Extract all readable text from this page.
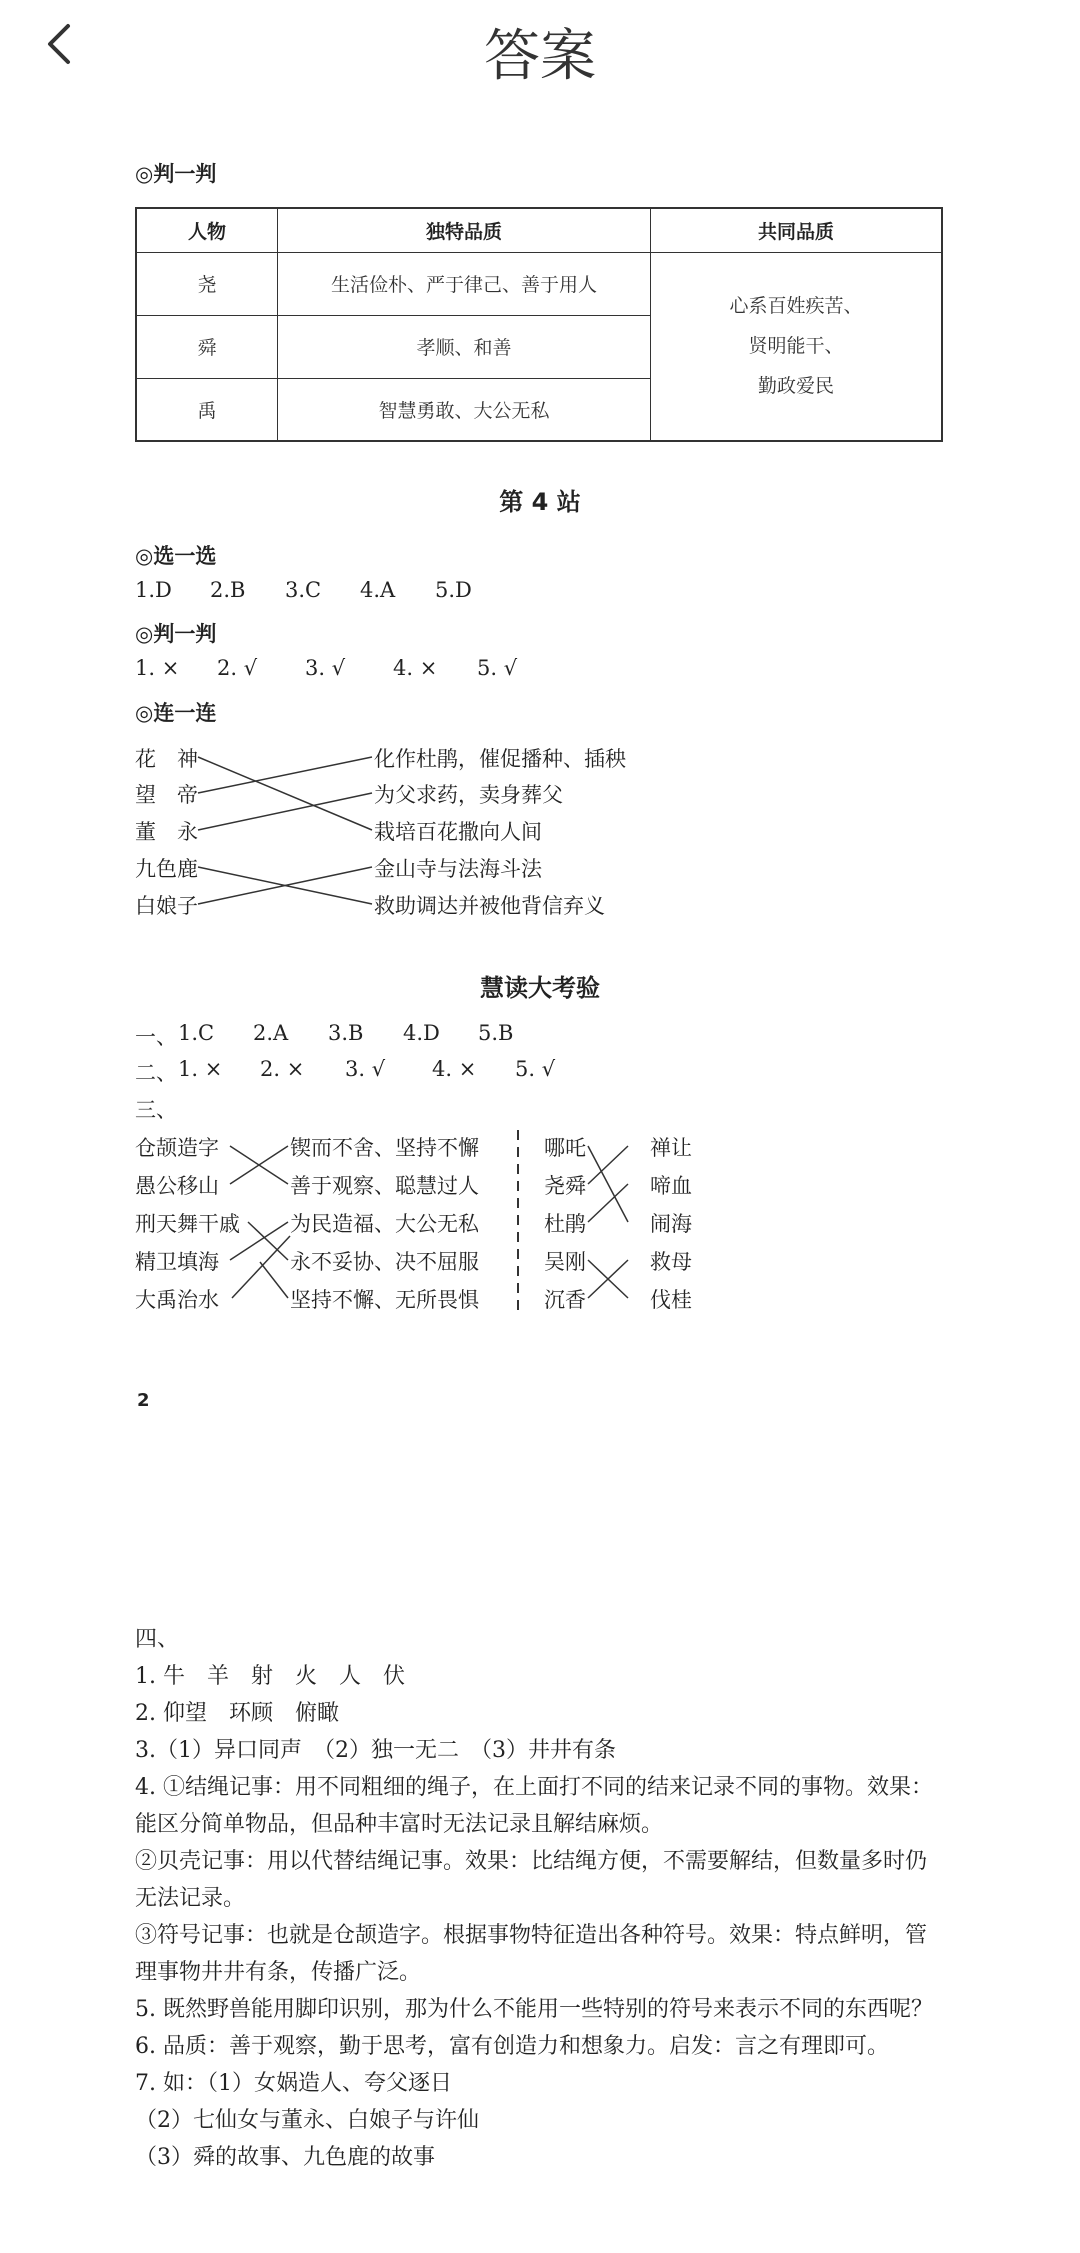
答案
◎判一判
人物	独特品质	共同品质
尧	生活俭朴、严于律己、善于用人	心系百姓疾苦、
贤明能干、
勤政爱民

舜	孝顺、和善	
禹	智慧勇敢、大公无私	
第 4 站
◎选一选
1.D 2.B 3.C 4.A 5.D
◎判一判
1. × 2. √ 3. √ 4. × 5. √
◎连一连
花　神
望　帝
董　永
九色鹿
白娘子
化作杜鹃，催促播种、插秧
为父求药，卖身葬父
栽培百花撒向人间
金山寺与法海斗法
救助调达并被他背信弃义
慧读大考验
一、 1.C 2.A 3.B 4.D 5.B
二、 1. × 2. × 3. √ 4. × 5. √
三、
仓颉造字
愚公移山
刑天舞干戚
精卫填海
大禹治水
锲而不舍、坚持不懈
善于观察、聪慧过人
为民造福、大公无私
永不妥协、决不屈服
坚持不懈、无所畏惧
哪吒
尧舜
杜鹃
吴刚
沉香
禅让
啼血
闹海
救母
伐桂
2
四、
1. 牛　羊　射　火　人　伏
2. 仰望　环顾　俯瞰
3.（1）异口同声　（2）独一无二　（3）井井有条
4. ①结绳记事：用不同粗细的绳子，在上面打不同的结来记录不同的事物。效果：
能区分简单物品，但品种丰富时无法记录且解结麻烦。
②贝壳记事：用以代替结绳记事。效果：比结绳方便，不需要解结，但数量多时仍
无法记录。
③符号记事：也就是仓颉造字。根据事物特征造出各种符号。效果：特点鲜明，管
理事物井井有条，传播广泛。
5. 既然野兽能用脚印识别，那为什么不能用一些特别的符号来表示不同的东西呢？
6. 品质：善于观察，勤于思考，富有创造力和想象力。启发：言之有理即可。
7. 如：（1）女娲造人、夸父逐日
（2）七仙女与董永、白娘子与许仙
（3）舜的故事、九色鹿的故事
